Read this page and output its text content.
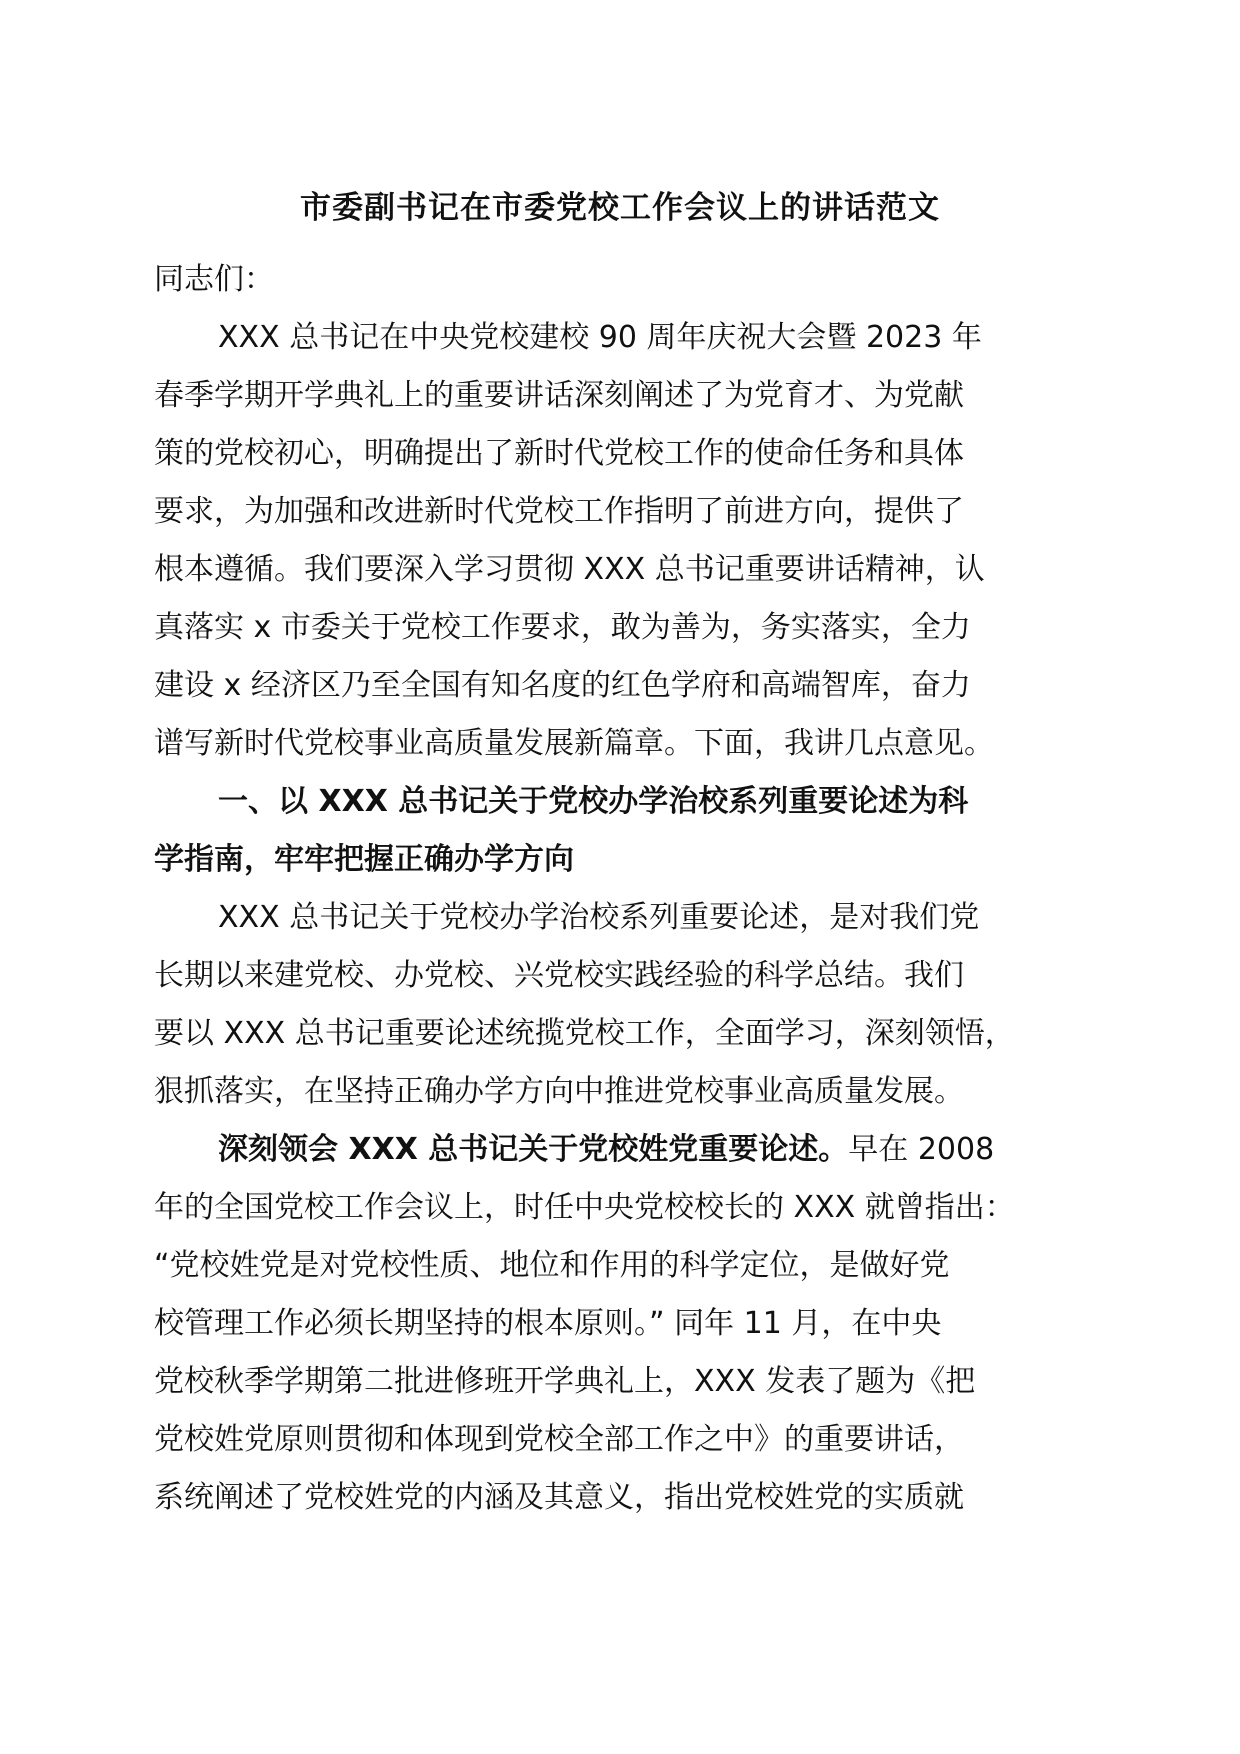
市委副书记在市委党校工作会议上的讲话范文
同志们：
XXX 总书记在中央党校建校 90 周年庆祝大会暨 2023 年
春季学期开学典礼上的重要讲话深刻阐述了为党育才、为党献
策的党校初心，明确提出了新时代党校工作的使命任务和具体
要求，为加强和改进新时代党校工作指明了前进方向，提供了
根本遵循。我们要深入学习贯彻 XXX 总书记重要讲话精神，认
真落实 x 市委关于党校工作要求，敢为善为，务实落实，全力
建设 x 经济区乃至全国有知名度的红色学府和高端智库，奋力
谱写新时代党校事业高质量发展新篇章。下面，我讲几点意见。
一、以 XXX 总书记关于党校办学治校系列重要论述为科
学指南，牢牢把握正确办学方向
XXX 总书记关于党校办学治校系列重要论述，是对我们党
长期以来建党校、办党校、兴党校实践经验的科学总结。我们
要以 XXX 总书记重要论述统揽党校工作，全面学习，深刻领悟，
狠抓落实，在坚持正确办学方向中推进党校事业高质量发展。
深刻领会 XXX 总书记关于党校姓党重要论述。早在 2008
年的全国党校工作会议上，时任中央党校校长的 XXX 就曾指出：
“党校姓党是对党校性质、地位和作用的科学定位，是做好党
校管理工作必须长期坚持的根本原则。” 同年 11 月，在中央
党校秋季学期第二批进修班开学典礼上，XXX 发表了题为《把
党校姓党原则贯彻和体现到党校全部工作之中》的重要讲话，
系统阐述了党校姓党的内涵及其意义，指出党校姓党的实质就
